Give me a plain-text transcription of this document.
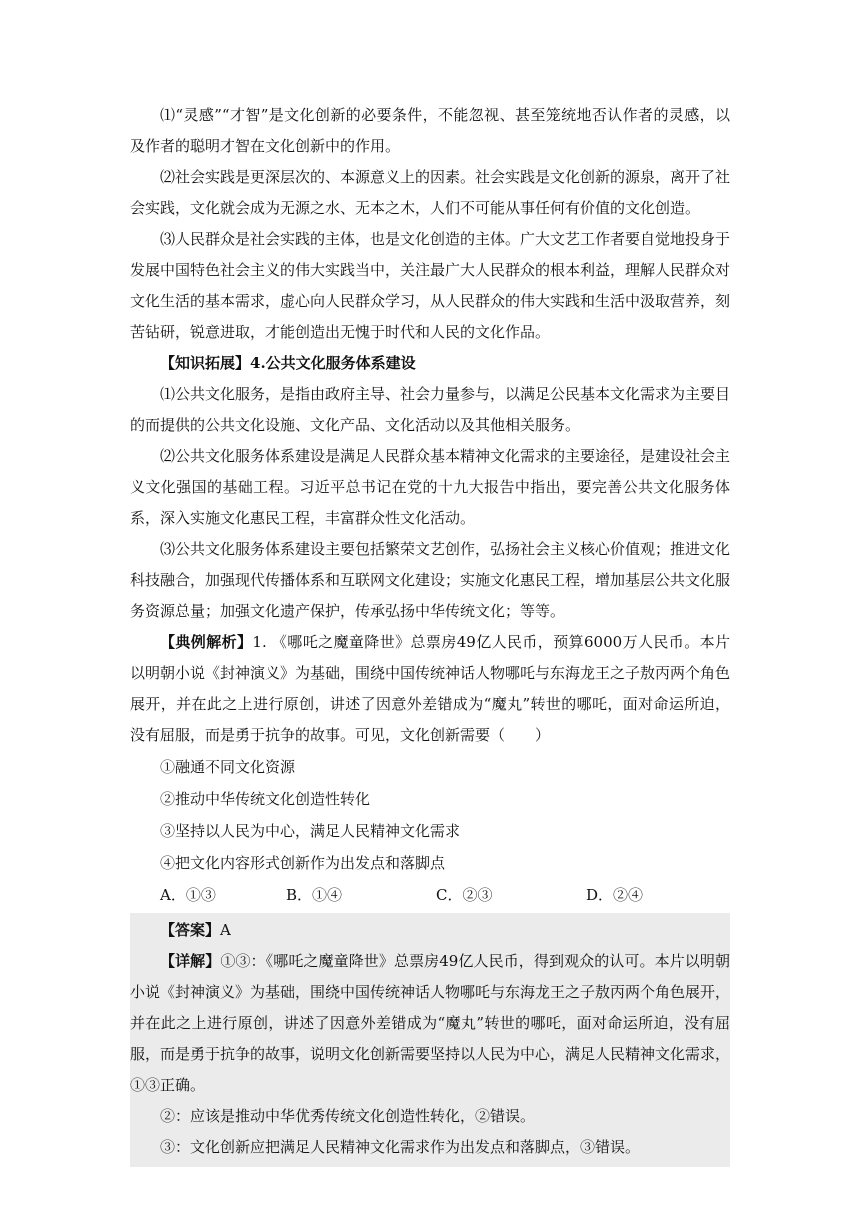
⑴“灵感”“才智”是文化创新的必要条件，不能忽视、甚至笼统地否认作者的灵感，以及作者的聪明才智在文化创新中的作用。

⑵社会实践是更深层次的、本源意义上的因素。社会实践是文化创新的源泉，离开了社会实践，文化就会成为无源之水、无本之木，人们不可能从事任何有价值的文化创造。

⑶人民群众是社会实践的主体，也是文化创造的主体。广大文艺工作者要自觉地投身于发展中国特色社会主义的伟大实践当中，关注最广大人民群众的根本利益，理解人民群众对文化生活的基本需求，虚心向人民群众学习，从人民群众的伟大实践和生活中汲取营养，刻苦钻研，锐意进取，才能创造出无愧于时代和人民的文化作品。

【知识拓展】4.公共文化服务体系建设

⑴公共文化服务，是指由政府主导、社会力量参与，以满足公民基本文化需求为主要目的而提供的公共文化设施、文化产品、文化活动以及其他相关服务。

⑵公共文化服务体系建设是满足人民群众基本精神文化需求的主要途径，是建设社会主义文化强国的基础工程。习近平总书记在党的十九大报告中指出，要完善公共文化服务体系，深入实施文化惠民工程，丰富群众性文化活动。

⑶公共文化服务体系建设主要包括繁荣文艺创作，弘扬社会主义核心价值观；推进文化科技融合，加强现代传播体系和互联网文化建设；实施文化惠民工程，增加基层公共文化服务资源总量；加强文化遗产保护，传承弘扬中华传统文化；等等。

【典例解析】1. 《哪吒之魔童降世》总票房49亿人民币，预算6000万人民币。本片以明朝小说《封神演义》为基础，围绕中国传统神话人物哪吒与东海龙王之子敖丙两个角色展开，并在此之上进行原创，讲述了因意外差错成为“魔丸”转世的哪吒，面对命运所迫，没有屈服，而是勇于抗争的故事。可见，文化创新需要（　　）

①融通不同文化资源

②推动中华传统文化创造性转化

③坚持以人民为中心，满足人民精神文化需求

④把文化内容形式创新作为出发点和落脚点

A．①③	B．①④	C．②③	D．②④

【答案】A

【详解】①③：《哪吒之魔童降世》总票房49亿人民币，得到观众的认可。本片以明朝小说《封神演义》为基础，围绕中国传统神话人物哪吒与东海龙王之子敖丙两个角色展开，并在此之上进行原创，讲述了因意外差错成为“魔丸”转世的哪吒，面对命运所迫，没有屈服，而是勇于抗争的故事，说明文化创新需要坚持以人民为中心，满足人民精神文化需求，①③正确。

②：应该是推动中华优秀传统文化创造性转化，②错误。

③：文化创新应把满足人民精神文化需求作为出发点和落脚点，③错误。
